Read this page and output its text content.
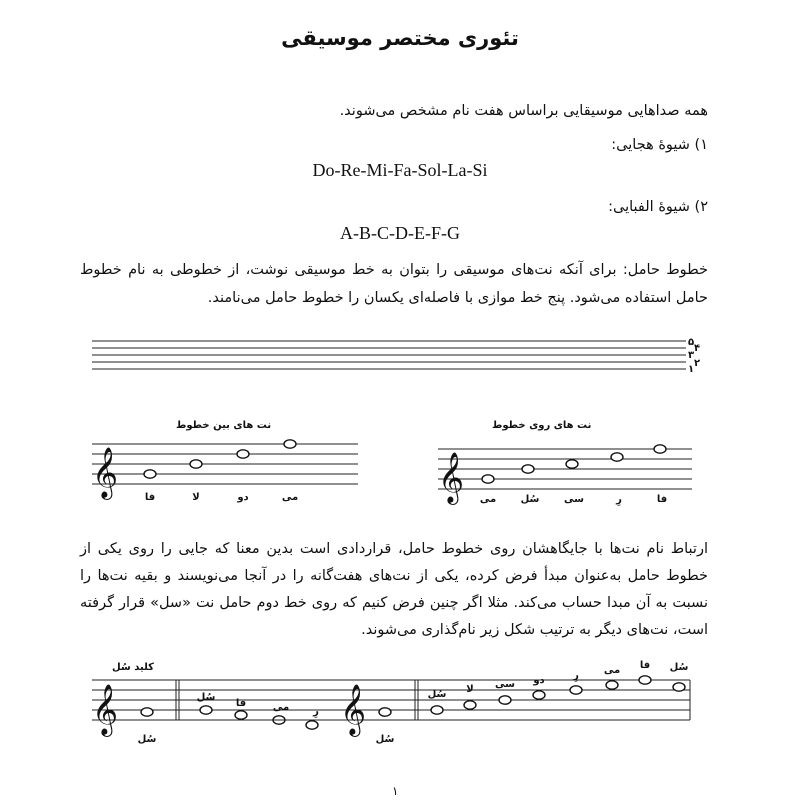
تئوری مختصر موسیقی
همه صداهایی موسیقایی براساس هفت نام مشخص می‌شوند.
۱) شیوهٔ هجایی:
Do-Re-Mi-Fa-Sol-La-Si
۲) شیوهٔ الفبایی:
A-B-C-D-E-F-G
خطوط حامل: برای آنکه نت‌های موسیقی را بتوان به خط موسیقی نوشت، از خطوطی به نام خطوط حامل استفاده می‌شود. پنج خط موازی با فاصله‌ای یکسان را خطوط حامل می‌نامند.
۱
۲
۳
۴
۵
نت های بین خطوط
𝄞	فا	لا	دو	می
نت های روی خطوط
𝄞 می سُل سی	رِ	فا
کلید سُل
𝄞
سُل
سُل
فا	می رِ 𝄞
سُل
سُل لا سی دو	رِ می فا سُل
ارتباط نام نت‌ها با جایگاهشان روی خطوط حامل، قراردادی است بدین معنا که جایی را روی یکی از خطوط حامل به‌عنوان مبدأ فرض کرده، یکی از نت‌های هفت‌گانه را در آنجا می‌نویسند و بقیه نت‌ها را نسبت به آن مبدا حساب می‌کند. مثلا اگر چنین فرض کنیم که روی خط دوم حامل نت «سل» قرار گرفته است، نت‌های دیگر به ترتیب شکل زیر نام‌گذاری می‌شوند.
۱
